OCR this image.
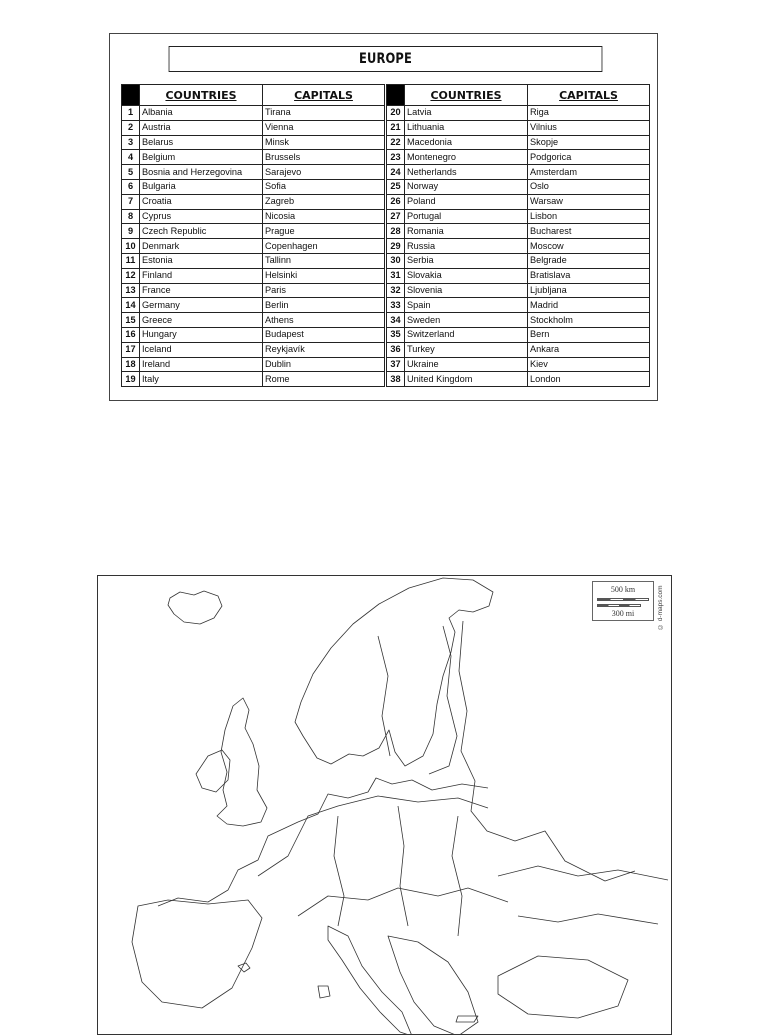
EUROPE
	COUNTRIES	CAPITALS
1	Albania	Tirana
2	Austria	Vienna
3	Belarus	Minsk
4	Belgium	Brussels
5	Bosnia and Herzegovina	Sarajevo
6	Bulgaria	Sofia
7	Croatia	Zagreb
8	Cyprus	Nicosia
9	Czech Republic	Prague
10	Denmark	Copenhagen
11	Estonia	Tallinn
12	Finland	Helsinki
13	France	Paris
14	Germany	Berlin
15	Greece	Athens
16	Hungary	Budapest
17	Iceland	Reykjavík
18	Ireland	Dublin
19	Italy	Rome
	COUNTRIES	CAPITALS
20	Latvia	Riga
21	Lithuania	Vilnius
22	Macedonia	Skopje
23	Montenegro	Podgorica
24	Netherlands	Amsterdam
25	Norway	Oslo
26	Poland	Warsaw
27	Portugal	Lisbon
28	Romania	Bucharest
29	Russia	Moscow
30	Serbia	Belgrade
31	Slovakia	Bratislava
32	Slovenia	Ljubljana
33	Spain	Madrid
34	Sweden	Stockholm
35	Switzerland	Bern
36	Turkey	Ankara
37	Ukraine	Kiev
38	United Kingdom	London
500 km
300 mi	© d-maps.com
